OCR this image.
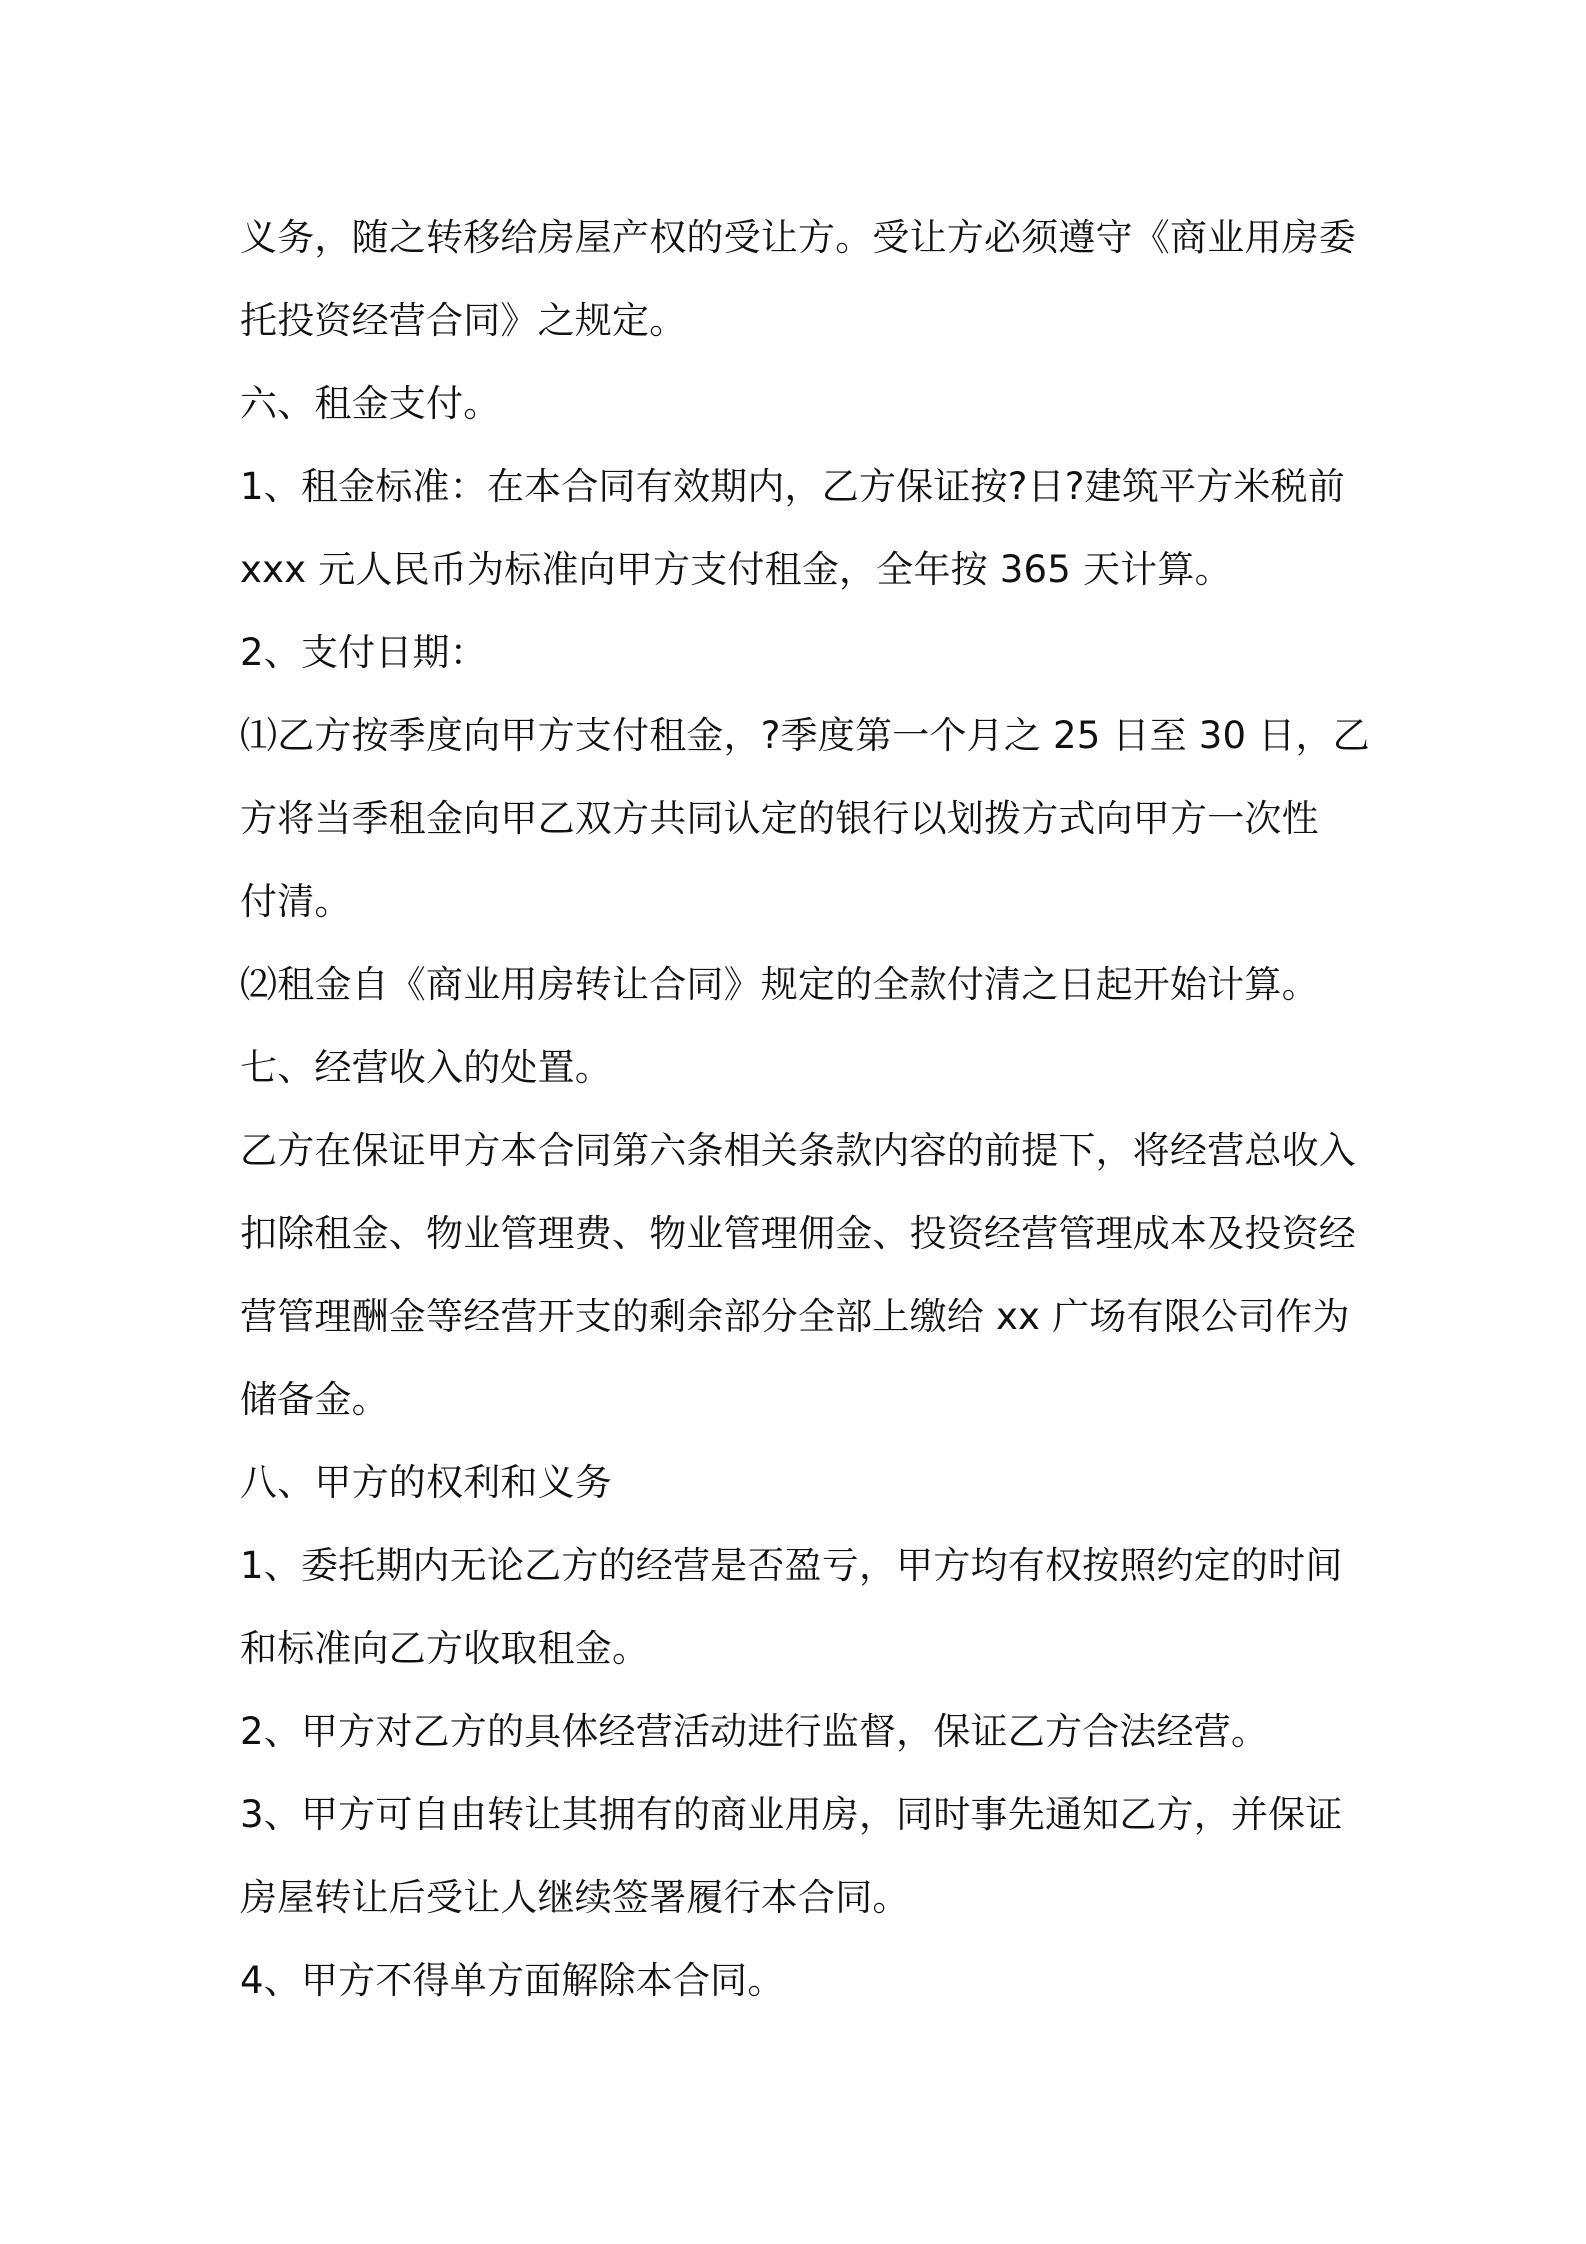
义务，随之转移给房屋产权的受让方。受让方必须遵守《商业用房委
托投资经营合同》之规定。
六、租金支付。
1、租金标准：在本合同有效期内，乙方保证按?日?建筑平方米税前
xxx 元人民币为标准向甲方支付租金，全年按 365 天计算。
2、支付日期：
⑴乙方按季度向甲方支付租金，?季度第一个月之 25 日至 30 日，乙
方将当季租金向甲乙双方共同认定的银行以划拨方式向甲方一次性
付清。
⑵租金自《商业用房转让合同》规定的全款付清之日起开始计算。
七、经营收入的处置。
乙方在保证甲方本合同第六条相关条款内容的前提下，将经营总收入
扣除租金、物业管理费、物业管理佣金、投资经营管理成本及投资经
营管理酬金等经营开支的剩余部分全部上缴给 xx 广场有限公司作为
储备金。
八、甲方的权利和义务
1、委托期内无论乙方的经营是否盈亏，甲方均有权按照约定的时间
和标准向乙方收取租金。
2、甲方对乙方的具体经营活动进行监督，保证乙方合法经营。
3、甲方可自由转让其拥有的商业用房，同时事先通知乙方，并保证
房屋转让后受让人继续签署履行本合同。
4、甲方不得单方面解除本合同。
